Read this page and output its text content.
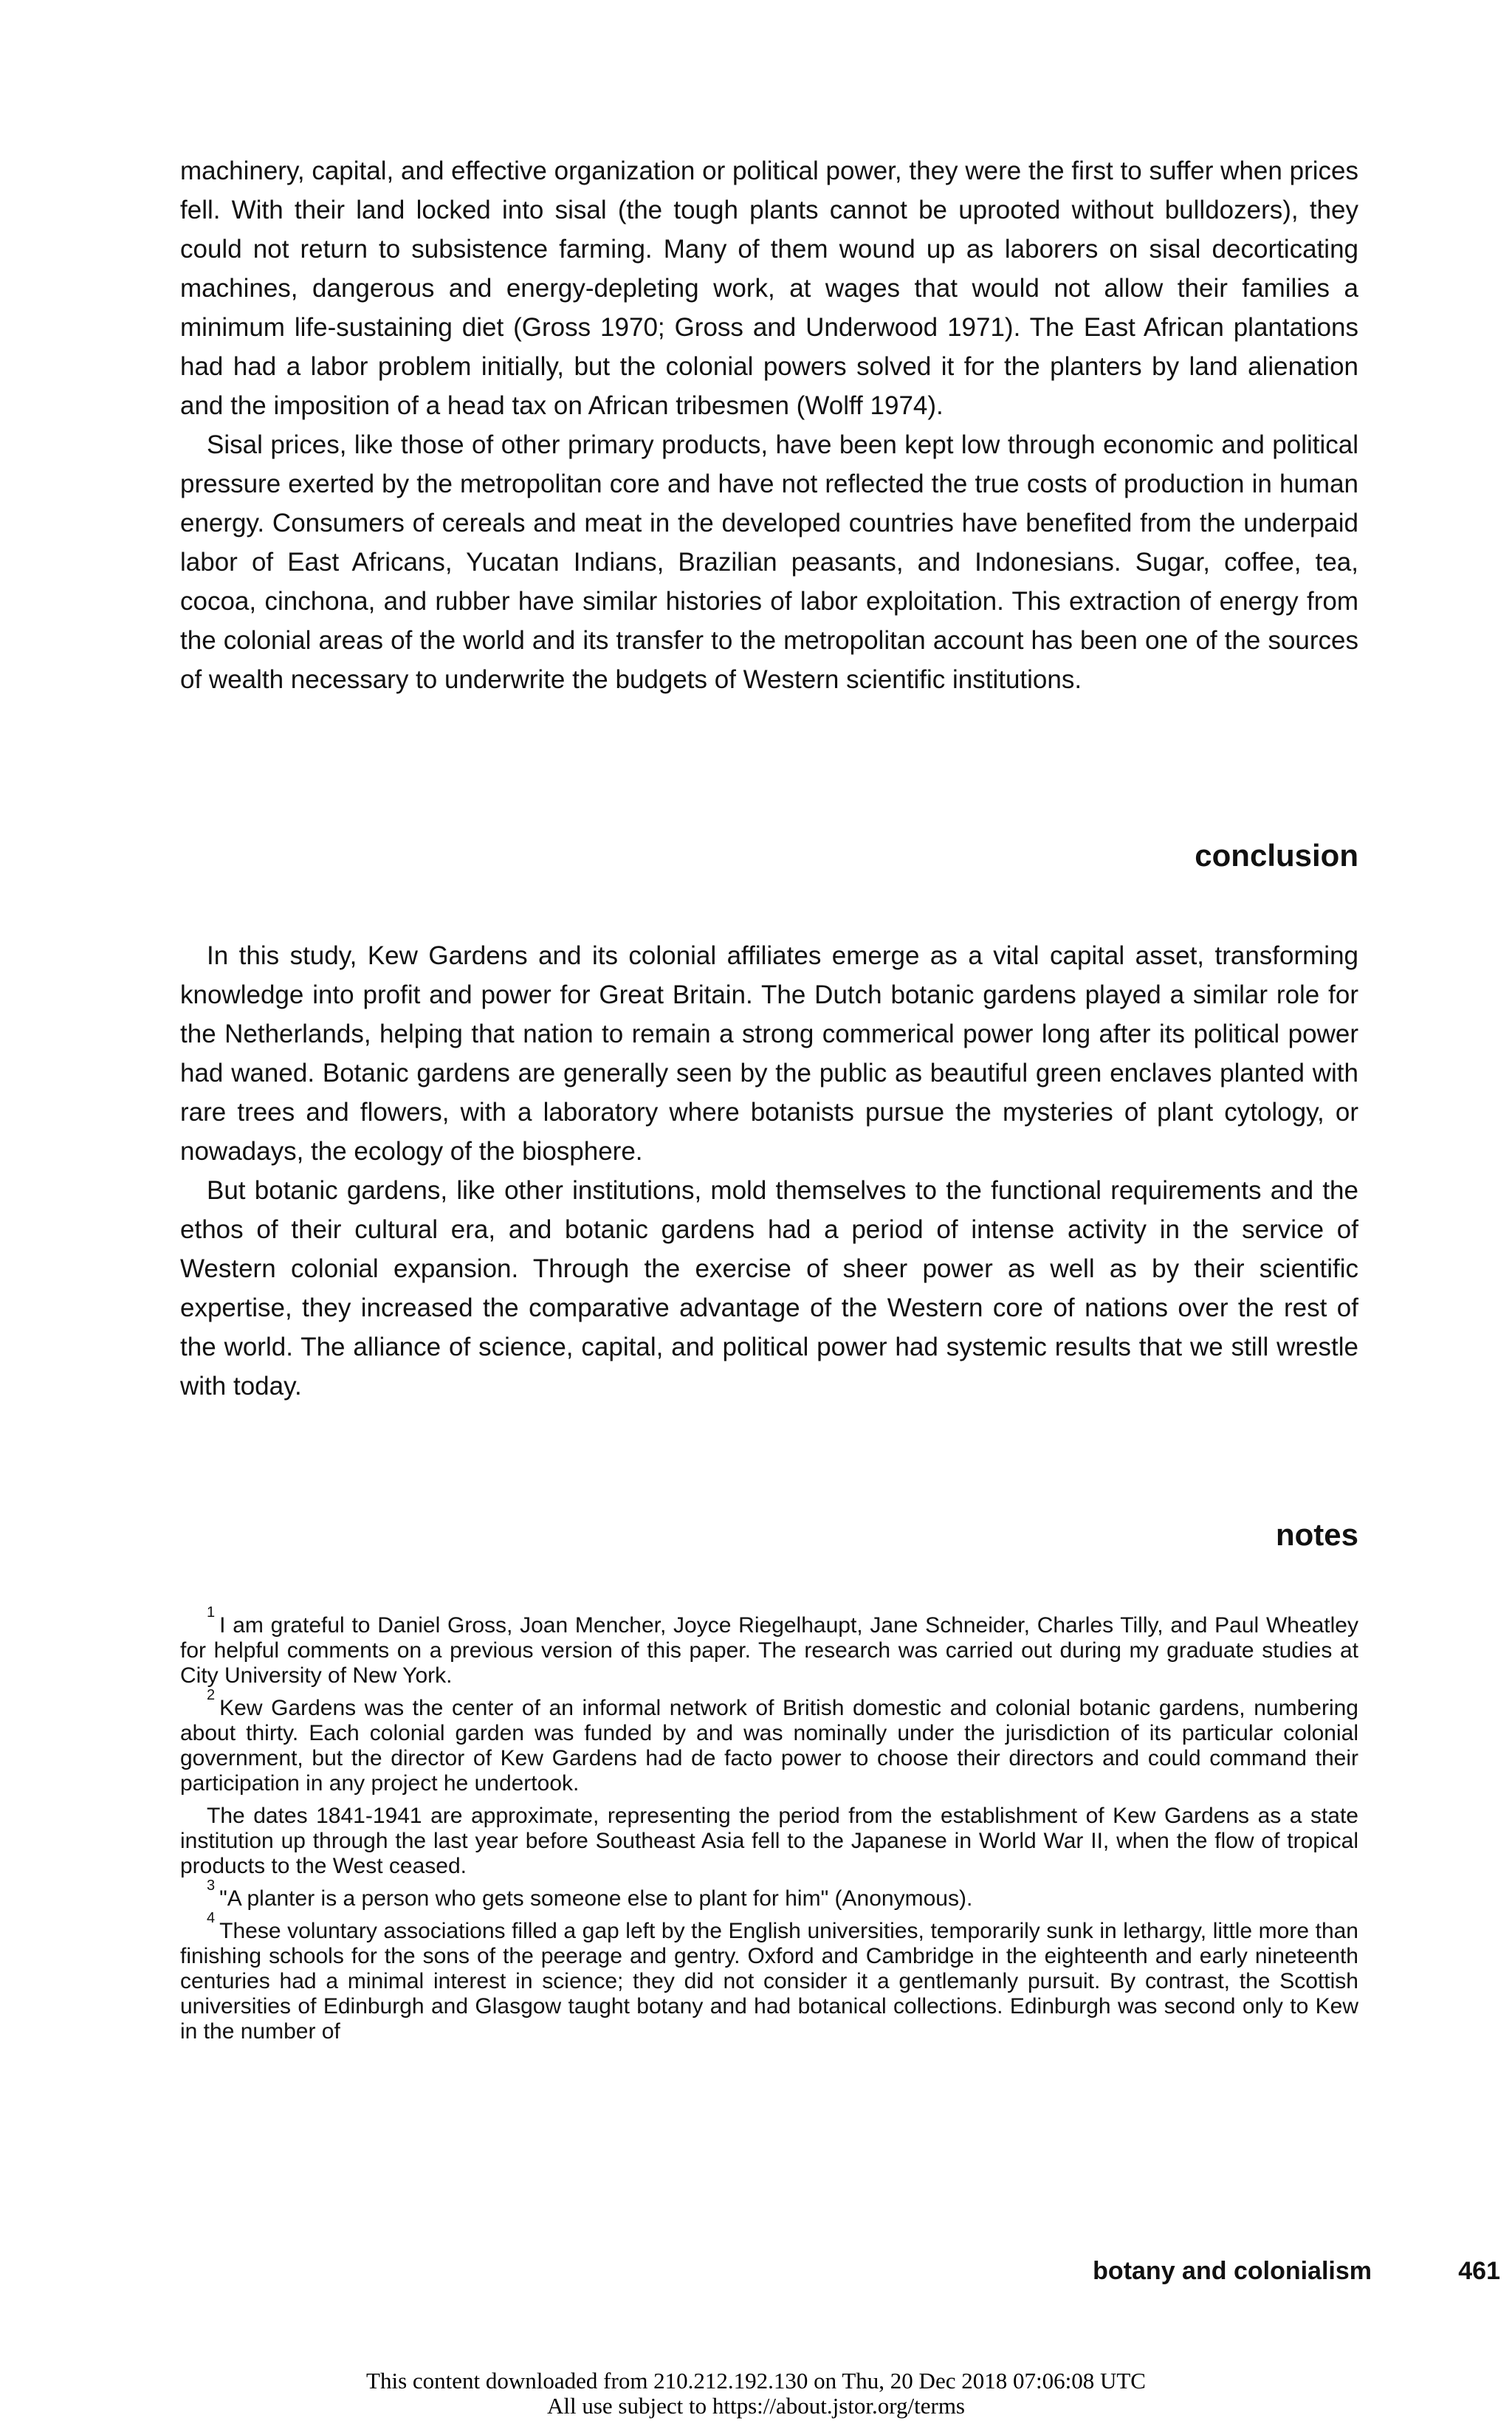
machinery, capital, and effective organization or political power, they were the first to suffer when prices fell. With their land locked into sisal (the tough plants cannot be uprooted without bulldozers), they could not return to subsistence farming. Many of them wound up as laborers on sisal decorticating machines, dangerous and energy-depleting work, at wages that would not allow their families a minimum life-sustaining diet (Gross 1970; Gross and Underwood 1971). The East African plantations had had a labor problem initially, but the colonial powers solved it for the planters by land alienation and the imposition of a head tax on African tribesmen (Wolff 1974).

Sisal prices, like those of other primary products, have been kept low through economic and political pressure exerted by the metropolitan core and have not reflected the true costs of production in human energy. Consumers of cereals and meat in the developed countries have benefited from the underpaid labor of East Africans, Yucatan Indians, Brazilian peasants, and Indonesians. Sugar, coffee, tea, cocoa, cinchona, and rubber have similar histories of labor exploitation. This extraction of energy from the colonial areas of the world and its transfer to the metropolitan account has been one of the sources of wealth necessary to underwrite the budgets of Western scientific institutions.

conclusion

In this study, Kew Gardens and its colonial affiliates emerge as a vital capital asset, transforming knowledge into profit and power for Great Britain. The Dutch botanic gardens played a similar role for the Netherlands, helping that nation to remain a strong commerical power long after its political power had waned. Botanic gardens are generally seen by the public as beautiful green enclaves planted with rare trees and flowers, with a laboratory where botanists pursue the mysteries of plant cytology, or nowadays, the ecology of the biosphere.

But botanic gardens, like other institutions, mold themselves to the functional requirements and the ethos of their cultural era, and botanic gardens had a period of intense activity in the service of Western colonial expansion. Through the exercise of sheer power as well as by their scientific expertise, they increased the comparative advantage of the Western core of nations over the rest of the world. The alliance of science, capital, and political power had systemic results that we still wrestle with today.

notes

$^1$I am grateful to Daniel Gross, Joan Mencher, Joyce Riegelhaupt, Jane Schneider, Charles Tilly, and Paul Wheatley for helpful comments on a previous version of this paper. The research was carried out during my graduate studies at City University of New York.

$^2$Kew Gardens was the center of an informal network of British domestic and colonial botanic gardens, numbering about thirty. Each colonial garden was funded by and was nominally under the jurisdiction of its particular colonial government, but the director of Kew Gardens had de facto power to choose their directors and could command their participation in any project he undertook.

The dates 1841-1941 are approximate, representing the period from the establishment of Kew Gardens as a state institution up through the last year before Southeast Asia fell to the Japanese in World War II, when the flow of tropical products to the West ceased.

$^3$"A planter is a person who gets someone else to plant for him" (Anonymous).

$^4$These voluntary associations filled a gap left by the English universities, temporarily sunk in lethargy, little more than finishing schools for the sons of the peerage and gentry. Oxford and Cambridge in the eighteenth and early nineteenth centuries had a minimal interest in science; they did not consider it a gentlemanly pursuit. By contrast, the Scottish universities of Edinburgh and Glasgow taught botany and had botanical collections. Edinburgh was second only to Kew in the number of

botany and colonialism	461
This content downloaded from 210.212.192.130 on Thu, 20 Dec 2018 07:06:08 UTC
All use subject to https://about.jstor.org/terms
